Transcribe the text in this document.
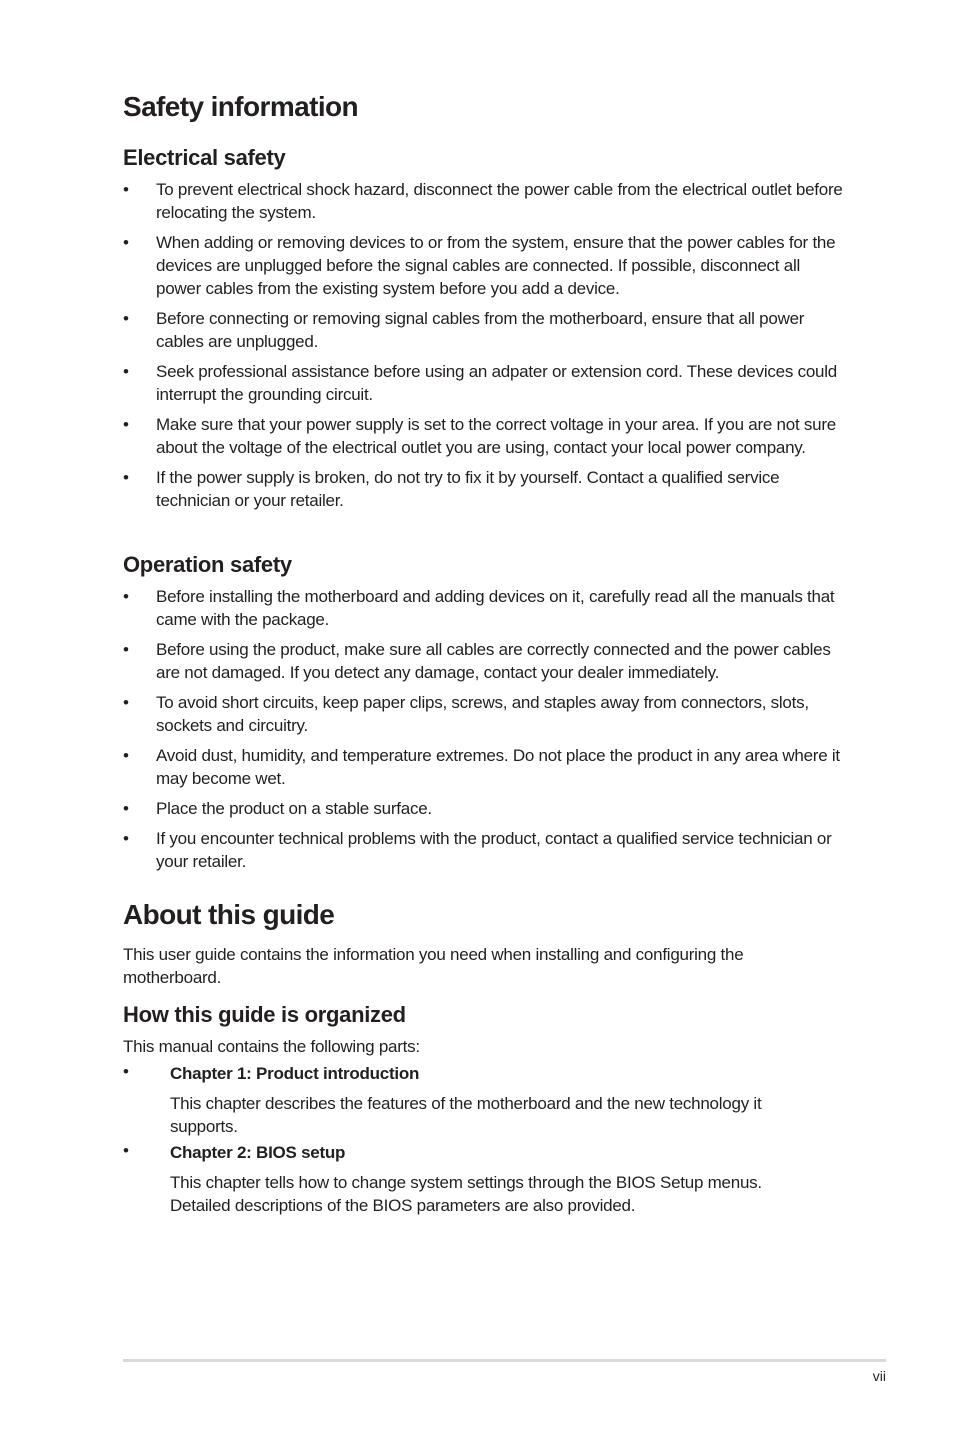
Safety information
Electrical safety
• To prevent electrical shock hazard, disconnect the power cable from the electrical outlet before relocating the system.
• When adding or removing devices to or from the system, ensure that the power cables for the devices are unplugged before the signal cables are connected. If possible, disconnect all power cables from the existing system before you add a device.
• Before connecting or removing signal cables from the motherboard, ensure that all power cables are unplugged.
• Seek professional assistance before using an adpater or extension cord. These devices could interrupt the grounding circuit.
• Make sure that your power supply is set to the correct voltage in your area. If you are not sure about the voltage of the electrical outlet you are using, contact your local power company.
• If the power supply is broken, do not try to fix it by yourself. Contact a qualified service technician or your retailer.
Operation safety
• Before installing the motherboard and adding devices on it, carefully read all the manuals that came with the package.
• Before using the product, make sure all cables are correctly connected and the power cables are not damaged. If you detect any damage, contact your dealer immediately.
• To avoid short circuits, keep paper clips, screws, and staples away from connectors, slots, sockets and circuitry.
• Avoid dust, humidity, and temperature extremes. Do not place the product in any area where it may become wet.
• Place the product on a stable surface.
• If you encounter technical problems with the product, contact a qualified service technician or your retailer.
About this guide

This user guide contains the information you need when installing and configuring the motherboard.

How this guide is organized

This manual contains the following parts:

• Chapter 1: Product introduction
This chapter describes the features of the motherboard and the new technology it supports.
• Chapter 2: BIOS setup
This chapter tells how to change system settings through the BIOS Setup menus. Detailed descriptions of the BIOS parameters are also provided.
vii
